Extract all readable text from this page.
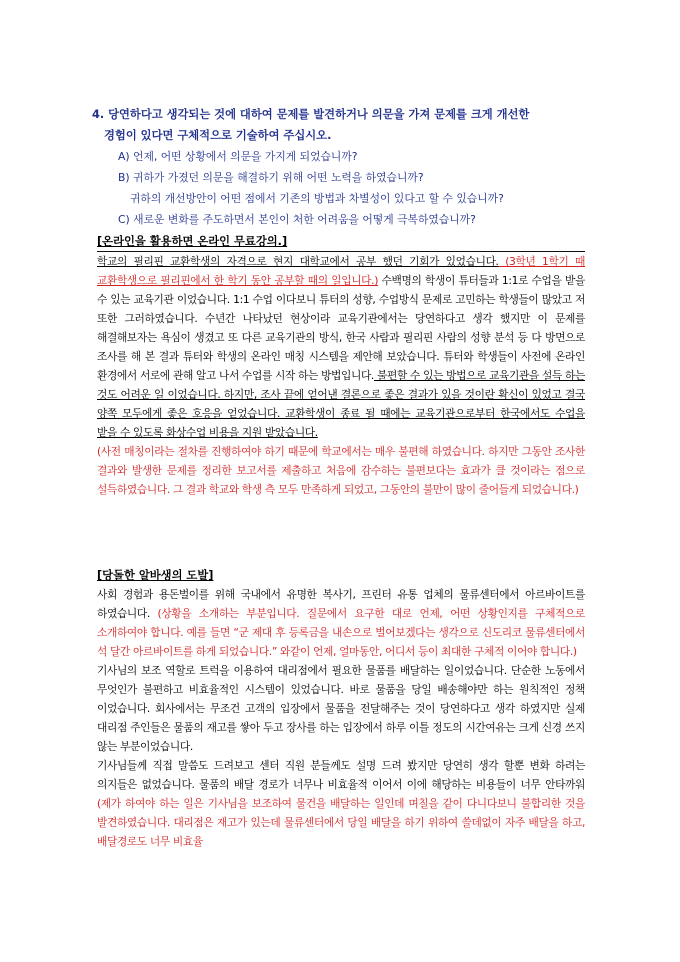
4. 당연하다고 생각되는 것에 대하여 문제를 발견하거나 의문을 가져 문제를 크게 개선한

경험이 있다면 구체적으로 기술하여 주십시오.

A) 언제, 어떤 상황에서 의문을 가지게 되었습니까?

B) 귀하가 가졌던 의문을 해결하기 위해 어떤 노력을 하였습니까?

귀하의 개선방안이 어떤 점에서 기존의 방법과 차별성이 있다고 할 수 있습니까?

C) 새로운 변화를 주도하면서 본인이 처한 어려움을 어떻게 극복하였습니까?

[온라인을 활용하면 온라인 무료강의.]

학교의 필리핀 교환학생의 자격으로 현지 대학교에서 공부 했던 기회가 있었습니다. (3학년 1학기 때 교환학생으로 필리핀에서 한 학기 동안 공부할 때의 일입니다.) 수백명의 학생이 튜터들과 1:1로 수업을 받을 수 있는 교육기관 이었습니다. 1:1 수업 이다보니 튜터의 성향, 수업방식 문제로 고민하는 학생들이 많았고 저 또한 그러하였습니다. 수년간 나타났던 현상이라 교육기관에서는 당연하다고 생각 했지만 이 문제를 해결해보자는 욕심이 생겼고 또 다른 교육기관의 방식, 한국 사람과 필리핀 사람의 성향 분석 등 다 방면으로 조사를 해 본 결과 튜터와 학생의 온라인 매칭 시스템을 제안해 보았습니다. 튜터와 학생들이 사전에 온라인 환경에서 서로에 관해 알고 나서 수업를 시작 하는 방법입니다. 불편할 수 있는 방법으로 교육기관을 설득 하는 것도 어려운 일 이었습니다. 하지만, 조사 끝에 얻어낸 결론으로 좋은 결과가 있을 것이란 확신이 있었고 결국 양쪽 모두에게 좋은 호응을 얻었습니다. 교환학생이 종료 될 때에는 교육기관으로부터 한국에서도 수업을 받을 수 있도록 화상수업 비용을 지원 받았습니다.

(사전 매칭이라는 절차를 진행하여야 하기 때문에 학교에서는 매우 불편해 하였습니다. 하지만 그동안 조사한 결과와 발생한 문제를 정리한 보고서를 제출하고 처음에 감수하는 불편보다는 효과가 클 것이라는 점으로 설득하였습니다. 그 결과 학교와 학생 측 모두 만족하게 되었고, 그동안의 불만이 많이 줄어들게 되었습니다.)

[당돌한 알바생의 도발]

사회 경험과 용돈벌이를 위해 국내에서 유명한 복사기, 프린터 유통 업체의 물류센터에서 아르바이트를 하였습니다. (상황을 소개하는 부분입니다. 질문에서 요구한 대로 언제, 어떤 상황인지를 구체적으로 소개하여야 합니다. 예를 들면 “군 제대 후 등록금을 내손으로 벌어보겠다는 생각으로 신도리코 물류센터에서 석 달간 아르바이트를 하게 되었습니다.” 와같이 언제, 얼마동안, 어디서 등이 최대한 구체적 이어야 합니다.)

기사님의 보조 역할로 트럭을 이용하여 대리점에서 필요한 물품를 배달하는 일이었습니다. 단순한 노동에서 무엇인가 불편하고 비효율적인 시스템이 있었습니다. 바로 물품을 당일 배송해야만 하는 원칙적인 정책 이었습니다. 회사에서는 무조건 고객의 입장에서 물품을 전달해주는 것이 당연하다고 생각 하였지만 실제 대리점 주인들은 물품의 재고를 쌓아 두고 장사를 하는 입장에서 하루 이틀 정도의 시간여유는 크게 신경 쓰지 않는 부분이었습니다.

기사님들께 직접 말씀도 드려보고 센터 직원 분들께도 설명 드려 봤지만 당연히 생각 할뿐 변화 하려는 의지들은 없었습니다. 물품의 배달 경로가 너무나 비효율적 이어서 이에 해당하는 비용들이 너무 안타까워(제가 하여야 하는 일은 기사님을 보조하여 물건을 배달하는 일인데 며칠을 같이 다니다보니 불합리한 것을 발견하였습니다. 대리점은 재고가 있는데 물류센터에서 당일 배달을 하기 위하여 쓸데없이 자주 배달을 하고, 배달경로도 너무 비효율
